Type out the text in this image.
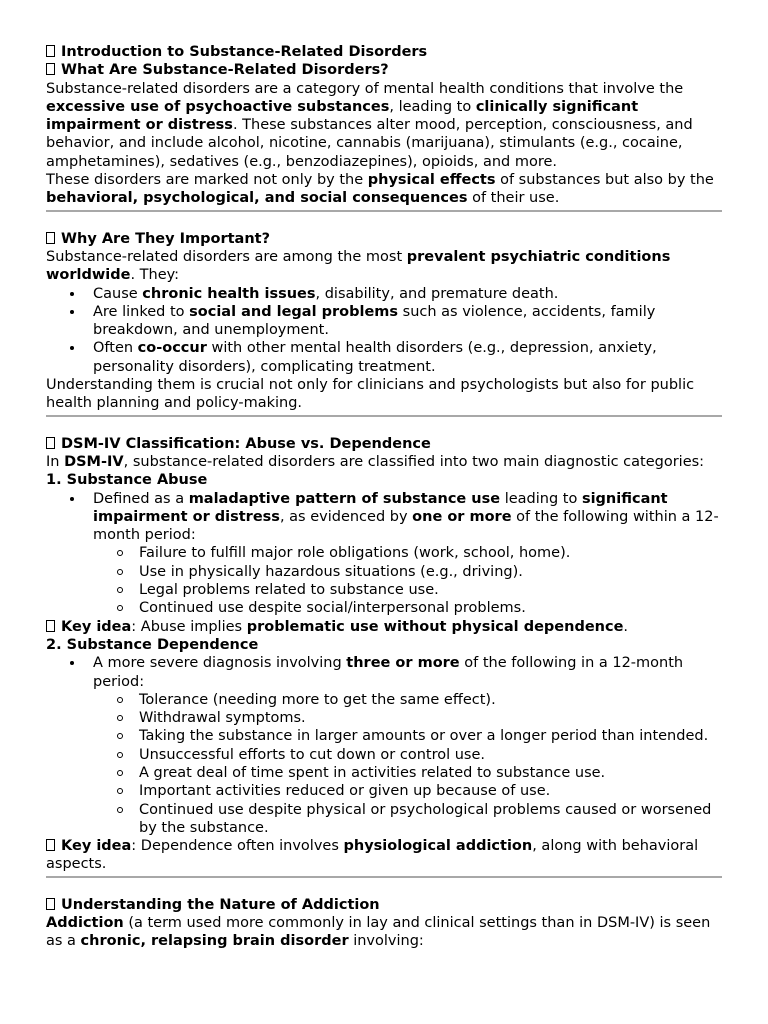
Introduction to Substance-Related Disorders

What Are Substance-Related Disorders?

Substance-related disorders are a category of mental health conditions that involve the excessive use of psychoactive substances, leading to clinically significant impairment or distress. These substances alter mood, perception, consciousness, and behavior, and include alcohol, nicotine, cannabis (marijuana), stimulants (e.g., cocaine, amphetamines), sedatives (e.g., benzodiazepines), opioids, and more.

These disorders are marked not only by the physical effects of substances but also by the behavioral, psychological, and social consequences of their use.

Why Are They Important?

Substance-related disorders are among the most prevalent psychiatric conditions worldwide. They:

Cause chronic health issues, disability, and premature death.
Are linked to social and legal problems such as violence, accidents, family breakdown, and unemployment.
Often co-occur with other mental health disorders (e.g., depression, anxiety, personality disorders), complicating treatment.

Understanding them is crucial not only for clinicians and psychologists but also for public health planning and policy-making.

DSM-IV Classification: Abuse vs. Dependence

In DSM-IV, substance-related disorders are classified into two main diagnostic categories:

1. Substance Abuse

Defined as a maladaptive pattern of substance use leading to significant impairment or distress, as evidenced by one or more of the following within a 12-month period:
Failure to fulfill major role obligations (work, school, home).
Use in physically hazardous situations (e.g., driving).
Legal problems related to substance use.
Continued use despite social/interpersonal problems.

Key idea: Abuse implies problematic use without physical dependence.

2. Substance Dependence

A more severe diagnosis involving three or more of the following in a 12-month period:
Tolerance (needing more to get the same effect).
Withdrawal symptoms.
Taking the substance in larger amounts or over a longer period than intended.
Unsuccessful efforts to cut down or control use.
A great deal of time spent in activities related to substance use.
Important activities reduced or given up because of use.
Continued use despite physical or psychological problems caused or worsened by the substance.

Key idea: Dependence often involves physiological addiction, along with behavioral aspects.

Understanding the Nature of Addiction

Addiction (a term used more commonly in lay and clinical settings than in DSM-IV) is seen as a chronic, relapsing brain disorder involving:
